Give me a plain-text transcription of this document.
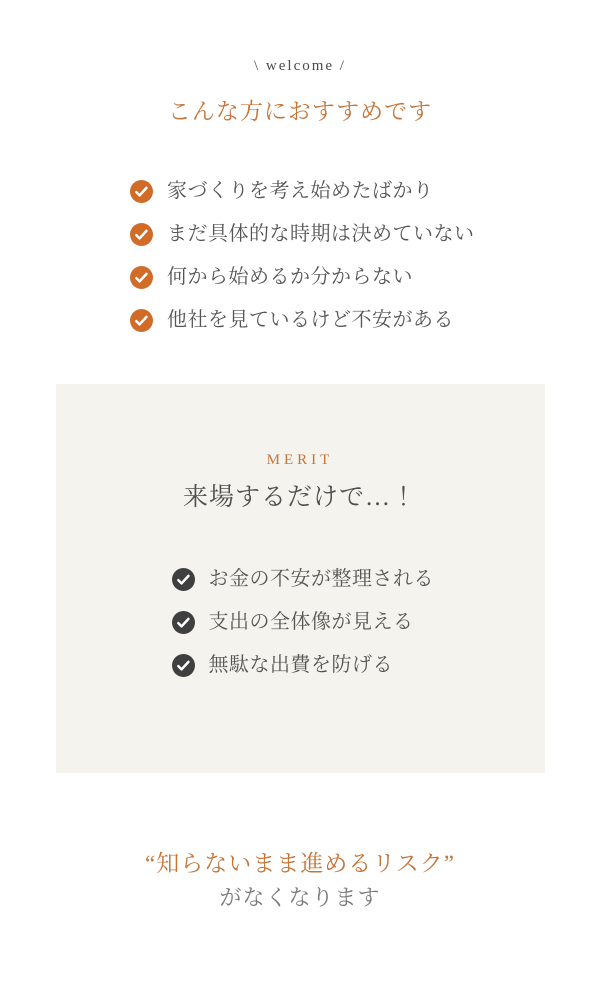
\ welcome /

こんな方におすすめです
家づくりを考え始めたばかり
まだ具体的な時期は決めていない
何から始めるか分からない
他社を見ているけど不安がある

MERIT

来場するだけで…！
お金の不安が整理される
支出の全体像が見える
無駄な出費を防げる

“知らないまま進めるリスク”

がなくなります
